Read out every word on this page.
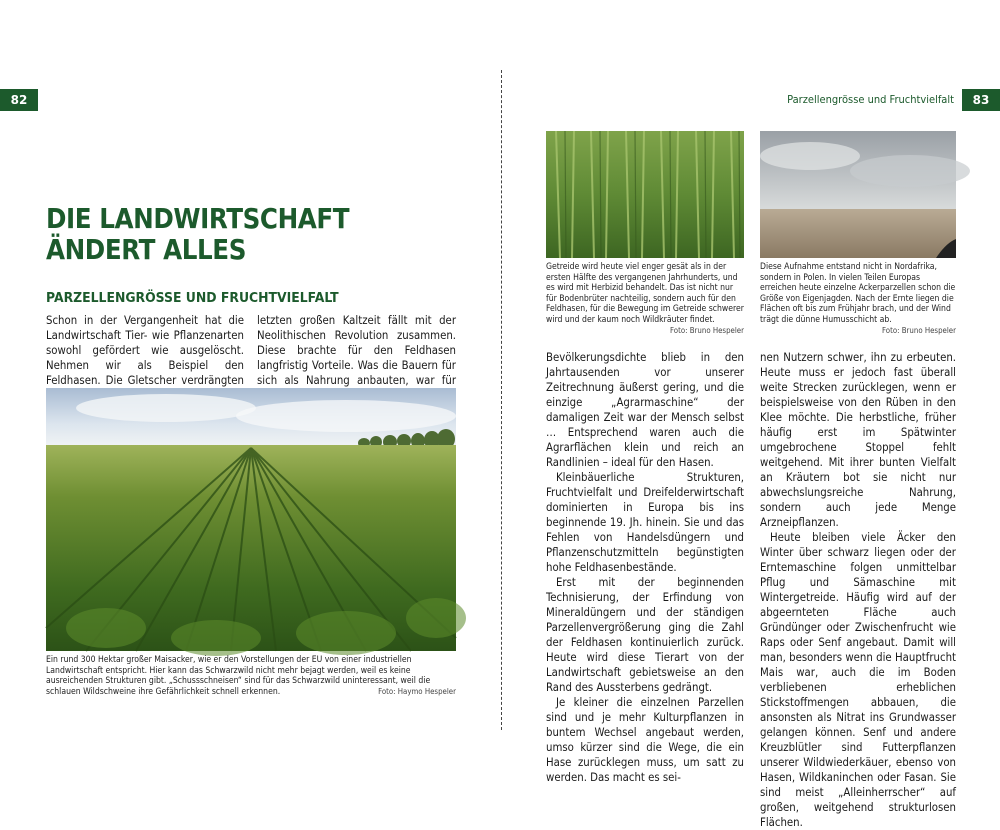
82	Parzellengrösse und Fruchtvielfalt	83
DIE LANDWIRTSCHAFT
ÄNDERT ALLES
PARZELLENGRÖSSE UND FRUCHTVIELFALT

Schon in der Vergangenheit hat die Landwirtschaft Tier- wie Pflanzenarten sowohl gefördert wie ausgelöscht. Nehmen wir als Beispiel den Feldhasen. Die Gletscher verdrängten

letzten großen Kaltzeit fällt mit der Neolithischen Revolution zusammen. Diese brachte für den Feldhasen langfristig Vorteile. Was die Bauern für sich als Nahrung anbauten, war für

Ein rund 300 Hektar großer Maisacker, wie er den Vorstellungen der EU von einer industriellen Landwirtschaft entspricht. Hier kann das Schwarzwild nicht mehr bejagt werden, weil es keine ausreichenden Strukturen gibt. „Schussschneisen“ sind für das Schwarzwild uninteressant, weil die schlauen Wildschweine ihre Gefährlichkeit schnell erkennen.	Foto: Haymo Hespeler
Getreide wird heute viel enger gesät als in der ersten Hälfte des vergangenen Jahrhunderts, und es wird mit Herbizid behandelt. Das ist nicht nur für Bodenbrüter nachteilig, sondern auch für den Feldhasen, für die Bewegung im Getreide schwerer wird und der kaum noch Wildkräuter findet.
Foto: Bruno Hespeler
Diese Aufnahme entstand nicht in Nordafrika, sondern in Polen. In vielen Teilen Europas erreichen heute einzelne Ackerparzellen schon die Größe von Eigenjagden. Nach der Ernte liegen die Flächen oft bis zum Frühjahr brach, und der Wind trägt die dünne Humusschicht ab.
Foto: Bruno Hespeler

Bevölkerungsdichte blieb in den Jahrtausenden vor unserer Zeitrechnung äußerst gering, und die einzige „Agrarmaschine“ der damaligen Zeit war der Mensch selbst … Entsprechend waren auch die Agrarflächen klein und reich an Randlinien – ideal für den Hasen.

Kleinbäuerliche Strukturen, Fruchtvielfalt und Dreifelderwirtschaft dominierten in Europa bis ins beginnende 19. Jh. hinein. Sie und das Fehlen von Handelsdüngern und Pflanzenschutzmitteln begünstigten hohe Feldhasenbestände.

Erst mit der beginnenden Technisierung, der Erfindung von Mineraldüngern und der ständigen Parzellenvergrößerung ging die Zahl der Feldhasen kontinuierlich zurück. Heute wird diese Tierart von der Landwirtschaft gebietsweise an den Rand des Aussterbens gedrängt.

Je kleiner die einzelnen Parzellen sind und je mehr Kulturpflanzen in buntem Wechsel angebaut werden, umso kürzer sind die Wege, die ein Hase zurücklegen muss, um satt zu werden. Das macht es sei-

nen Nutzern schwer, ihn zu erbeuten. Heute muss er jedoch fast überall weite Strecken zurücklegen, wenn er beispielsweise von den Rüben in den Klee möchte. Die herbstliche, früher häufig erst im Spätwinter umgebrochene Stoppel fehlt weitgehend. Mit ihrer bunten Vielfalt an Kräutern bot sie nicht nur abwechslungsreiche Nahrung, sondern auch jede Menge Arzneipflanzen.

Heute bleiben viele Äcker den Winter über schwarz liegen oder der Erntemaschine folgen unmittelbar Pflug und Sämaschine mit Wintergetreide. Häufig wird auf der abgeernteten Fläche auch Gründünger oder Zwischenfrucht wie Raps oder Senf angebaut. Damit will man, besonders wenn die Hauptfrucht Mais war, auch die im Boden verbliebenen erheblichen Stickstoffmengen abbauen, die ansonsten als Nitrat ins Grundwasser gelangen können. Senf und andere Kreuzblütler sind Futterpflanzen unserer Wildwiederkäuer, ebenso von Hasen, Wildkaninchen oder Fasan. Sie sind meist „Alleinherrscher“ auf großen, weitgehend strukturlosen Flächen.
